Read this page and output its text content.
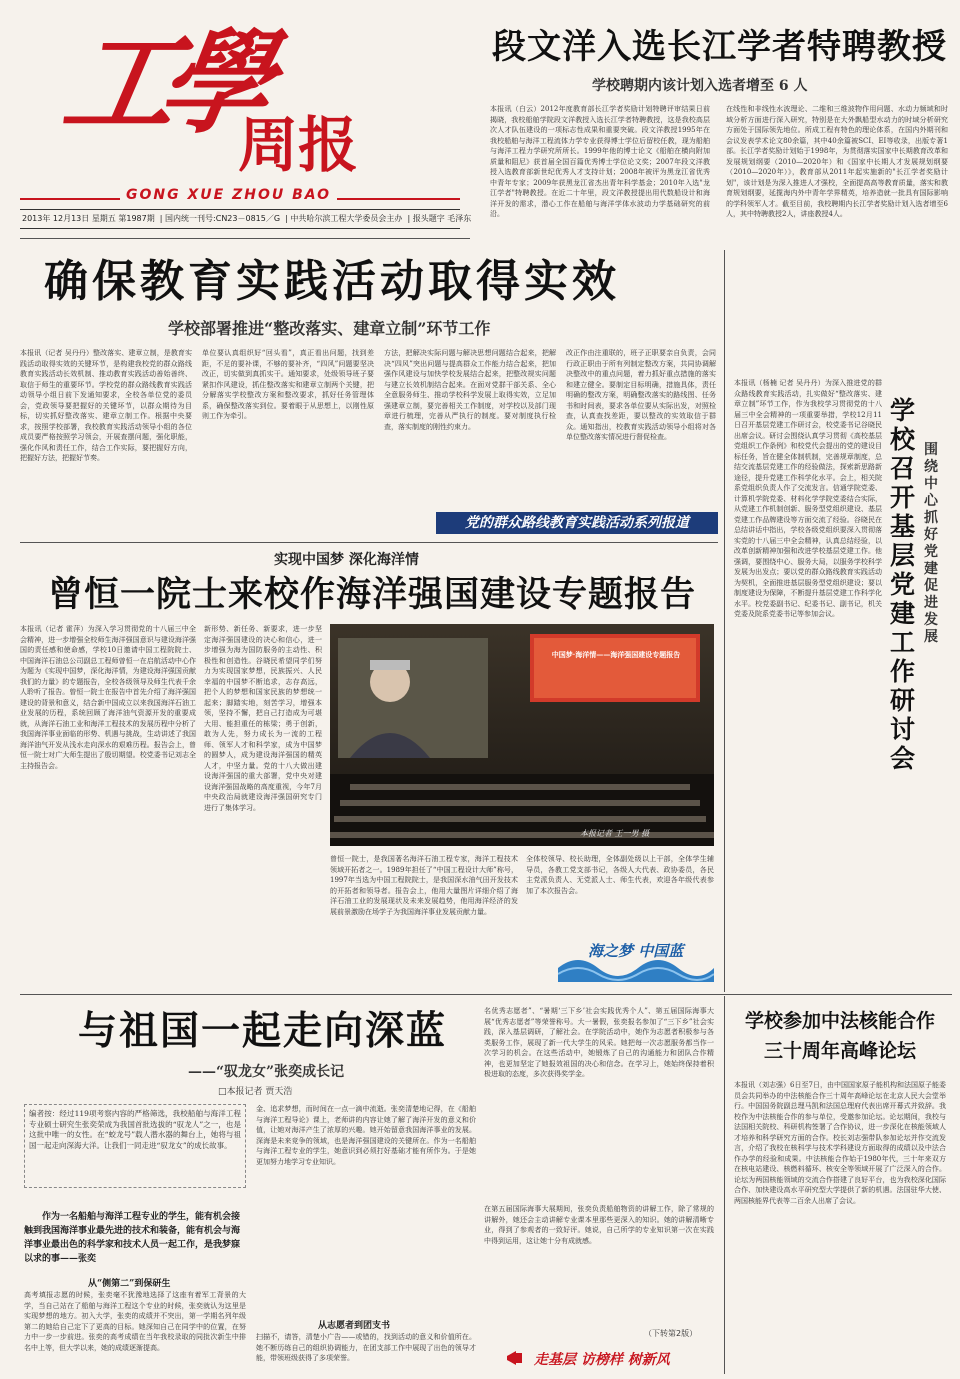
工學
周报
GONG XUE ZHOU BAO
2013年 12月13日 星期五 第1987期  | 国内统一刊号:CN23－0815／G  | 中共哈尔滨工程大学委员会主办  | 报头题字 毛泽东
段文洋入选长江学者特聘教授
学校聘期内该计划入选者增至 6 人
本报讯（白云）2012年度教育部长江学者奖励计划特聘评审结果日前揭晓，我校船舶学院段文洋教授入选长江学者特聘教授，这是我校高层次人才队伍建设的一项标志性成果和重要突破。段文洋教授1995年在我校船舶与海洋工程流体力学专业获得博士学位后留校任教，现为船舶与海洋工程力学研究所所长。1999年他的博士论文《船舶在横向附加质量和阻尼》获首届全国百篇优秀博士学位论文奖；2007年段文洋教授入选教育部新世纪优秀人才支持计划；2008年被评为黑龙江省优秀中青年专家；2009年获黑龙江省杰出青年科学基金；2010年入选"龙江学者"特聘教授。在近二十年里，段文洋教授提出用代数船设计和海洋开发的需求，潜心工作在船舶与海洋学体水波动力学基础研究的前沿。
在线性和非线性水波理论、二维和三维波物作用问题、水动力频域和时域分析方面进行深入研究，特别是在大外飘船型水动力的时域分析研究方面处于国际领先地位。所成工程有特色的理论体系，在国内外期刊和会议发表学术论文80余篇，其中40余篇被SCI、EI等收录，出版专著1部。长江学者奖励计划始于1998年，为贯彻落实国家中长期教育改革和发展规划纲要（2010—2020年）和《国家中长期人才发展规划纲要（2010—2020年）》，教育部从2011年起实施新的"长江学者奖励计划"，该计划是为深入推进人才强校，全面提高高等教育质量，落实和教育规划纲要，延揽海内外中青年学界精英，培养造就一批具有国际影响的学科领军人才。截至目前，我校聘期内长江学者奖励计划入选者增至6人，其中特聘教授2人，讲座教授4人。
确保教育实践活动取得实效
学校部署推进“整改落实、建章立制”环节工作
本报讯（记者 吴丹丹）整改落实、建章立制，是教育实践活动取得实效的关键环节，是构建我校党的群众路线教育实践活动长效机制、推动教育实践活动善始善终、取信于师生的重要环节。学校党的群众路线教育实践活动领导小组日前下发通知要求，全校各单位党的委员会，党政领导要把握好的关键环节，以群众期待为目标，切实抓好整改落实、建章立制工作。根据中央要求，按照学校部署，我校教育实践活动领导小组的各位成员要严格按照学习领会，开展查摆问题，强化职能，强化作风和责任工作，结合工作实际，要把握好方向，把握好方法，把握好节奏。
单位要认真组织好“回头看”，真正看出问题，找到差距，不足的要补课，不够的要补齐，“四风”问题要坚决改正，切实做到真抓实干。通知要求，处级领导班子要紧扣作风建设，抓住整改落实和建章立制两个关键，把分解落实学校整改方案和整改要求，抓好任务管理体系，确保整改落实到位。要着眼于从思想上，以刚性原则工作为牵引。
方法，把解决实际问题与解决思想问题结合起来，把解决“四风”突出问题与提高群众工作能力结合起来，把加强作风建设与加快学校发展结合起来，把整改规实问题与建立长效机制结合起来。在面对党群干部关系、全心全意服务师生、推动学校科学发展上取得实效，立足加强建章立制，要完善相关工作制度，对学校以及部门现章进行梳理，完善从严执行的制度。要对制度执行检查，落实制度的刚性约束力。
改正作由注重联的，班子正职要亲自负责，会同行政正职由于所有列制定整改方案，共同协调解决整改中的重点问题，着力抓好重点措施的落实和建立健全。要制定目标明确，措施具体，责任明确的整改方案，明确整改落实的路线图、任务书和时间表，要求各单位要从实际出发，对照检查，认真查找差距，要以整改的实效取信于群众。通知指出，校教育实践活动领导小组将对各单位整改落实情况进行督促检查。
党的群众路线教育实践活动系列报道
实现中国梦 深化海洋情
曾恒一院士来校作海洋强国建设专题报告
本报讯（记者 霍萍）为深入学习贯彻党的十八届三中全会精神，进一步增强全校师生海洋强国意识与建设海洋强国的责任感和使命感，学校10日邀请中国工程院院士、中国海洋石油总公司副总工程师曾恒一在启航活动中心作为题为《实现中国梦，深化海洋情，为建设海洋强国贡献我们的力量》的专题报告，全校各级领导及师生代表千余人聆听了报告。曾恒一院士在报告中首先介绍了海洋强国建设的背景和意义，结合新中国成立以来我国海洋石油工业发展的历程，系统回顾了海洋油气资源开发的重要成就，从海洋石油工业和海洋工程技术的发展历程中分析了我国海洋事业面临的形势、机遇与挑战，生动讲述了我国海洋油气开发从浅水走向深水的艰难历程。报告会上，曾恒一院士对广大师生提出了殷切期望。校党委书记刘志全主持报告会。
新形势、新任务、新要求，进一步坚定海洋强国建设的决心和信心，进一步增强为海为国防服务的主动性、积极性和创造性。谷晓民希望同学们努力为实现国家梦想，民族振兴、人民幸福的中国梦不断追求，志存高远，把个人的梦想和国家民族的梦想统一起来；脚踏实地，刻苦学习，增强本领，坚持不懈，把自己打造成为可堪大用、能担重任的栋梁；勇于创新，敢为人先，努力成长为一流的工程师、领军人才和科学家，成为中国梦的圆梦人，成为建设海洋强国的精英人才，中坚力量。党的十八大做出建设海洋强国的重大部署，党中央对建设海洋强国战略的高度重视，今年7月中央政治局就建设海洋强国研究专门进行了集体学习。
中国梦·海洋情——海洋强国建设专题报告
本报记者 王一男 摄
曾恒一院士，是我国著名海洋石油工程专家，海洋工程技术领域开拓者之一。1989年担任了“中国工程设计大师”称号，1997年当选为中国工程院院士，是我国深水油气田开发技术的开拓者和领导者。报告会上，他用大量图片详细介绍了海洋石油工业的发展现状及未来发展趋势，他用海洋经济的发展前景激励在场学子为我国海洋事业发展贡献力量。
全体校领导、校长助理，全体副处级以上干部，全体学生辅导员，各教工党支部书记，各级人大代表、政协委员，各民主党派负责人、无党派人士、师生代表，欢迎各年级代表参加了本次报告会。
海之梦 中国蓝
本报讯（杨楠 记者 吴丹丹）为深入推进党的群众路线教育实践活动，扎实做好“整改落实、建章立制”环节工作，作为我校学习贯彻党的十八届三中全会精神的一项重要举措，学校12月11日召开基层党建工作研讨会，校党委书记谷晓民出席会议。研讨会围绕认真学习贯彻《高校基层党组织工作条例》和校党代会提出的党的建设目标任务，旨在健全体制机制，完善规章制度，总结交流基层党建工作的经验做法，探索新思路新途径，提升党建工作科学化水平。会上，相关院系党组织负责人作了交流发言。信通学院党委、计算机学院党委、材料化学学院党委结合实际，从党建工作机制创新、服务型党组织建设、基层党建工作品牌建设等方面交流了经验。谷晓民在总结讲话中指出，学校各级党组织要深入贯彻落实党的十八届三中全会精神，认真总结经验，以改革创新精神加强和改进学校基层党建工作。他强调，要围绕中心、服务大局，以服务学校科学发展为出发点；要以党的群众路线教育实践活动为契机，全面推进基层服务型党组织建设；要以制度建设为保障，不断提升基层党建工作科学化水平。校党委副书记、纪委书记、副书记，机关党委及院系党委书记等参加会议。
学校召开基层党建工作研讨会
围绕中心 抓好党建 促进发展
与祖国一起走向深蓝
——“驭龙女”张奕成长记
□本报记者 贾天浩
编者按：经过119项考察内容的严格筛选，我校船舶与海洋工程专业硕士研究生张奕荣成为我国首批选拔的“驭龙人”之一，也是这批中唯一的女性。在“蛟龙号”载人潜水器的舞台上，她将与祖国一起走向深海大洋。让我们一同走进“驭龙女”的成长故事。
作为一名船舶与海洋工程专业的学生，能有机会接触到我国海洋事业最先进的技术和装备，能有机会与海洋事业最出色的科学家和技术人员一起工作，是我梦寐以求的事——张奕
从“侧第二”到保研生
高考填报志愿的时候，张奕毫不犹豫地选择了这座有着军工背景的大学，当自己站在了船舶与海洋工程这个专业的时候，张奕就认为这里是实现梦想的地方。初入大学，张奕的成绩并不突出，第一学期名列年级第二的她给自己定下了更高的目标。她深知自己在同学中的位置，在努力中一步一步前进。张奕的高考成绩在当年我校录取的同批次新生中排名中上等，但大学以来，她的成绩逐渐提高。
金、追求梦想，而时间在一点一滴中流逝。张奕清楚地记得，在《船舶与海洋工程导论》课上，老师讲的内容让她了解了海洋开发的意义和价值，让她对海洋产生了浓厚的兴趣。她开始留意我国海洋事业的发展。深海是未来竞争的领域，也是海洋强国建设的关键所在。作为一名船舶与海洋工程专业的学生，她意识到必须打好基础才能有所作为。于是她更加努力地学习专业知识。
从志愿者到团支书
扫描不，请答，清楚小广告——或错的，找到活动的意义和价值所在。她不断历练自己的组织协调能力，在团支部工作中展现了出色的领导才能，带领班级获得了多项荣誉。
名优秀志愿者”、“暑期‘三下乡’社会实践优秀个人”、第五届国际海事大展“优秀志愿者”等荣誉称号。大一暑假，张奕报名参加了“三下乡”社会实践，深入基层调研，了解社会。在学院活动中，她作为志愿者积极参与各类服务工作，展现了新一代大学生的风采。她把每一次志愿服务都当作一次学习的机会。在这些活动中，她锻炼了自己的沟通能力和团队合作精神，也更加坚定了她报效祖国的决心和信念。在学习上，她始终保持着积极进取的态度，多次获得奖学金。
在第五届国际海事大展期间，张奕负责船舶物资的讲解工作，除了常规的讲解外，她还会主动讲解专业课本里那些更深入的知识。她的讲解清晰专业，得到了参观者的一致好评。她说，自己所学的专业知识第一次在实践中得到运用，这让她十分有成就感。
（下转第2版）
走基层 访榜样 树新风
学校参加中法核能合作
三十周年高峰论坛
本报讯（刘志强）6日至7日，由中国国家原子能机构和法国原子能委员会共同举办的中法核能合作三十周年高峰论坛在北京人民大会堂举行。中国国务院副总理马凯和法国总理府代表出席开幕式并致辞。我校作为中法核能合作的参与单位，受邀参加论坛。论坛期间，我校与法国相关院校、科研机构签署了合作协议，进一步深化在核能领域人才培养和科学研究方面的合作。校长刘志强带队参加论坛并作交流发言，介绍了我校在核科学与技术学科建设方面取得的成绩以及中法合作办学的经验和成果。中法核能合作始于1980年代，三十年来双方在核电站建设、核燃料循环、核安全等领域开展了广泛深入的合作。论坛为两国核能领域的交流合作搭建了良好平台，也为我校深化国际合作、加快建设高水平研究型大学提供了新的机遇。法国驻华大使、两国核能界代表等二百余人出席了会议。
